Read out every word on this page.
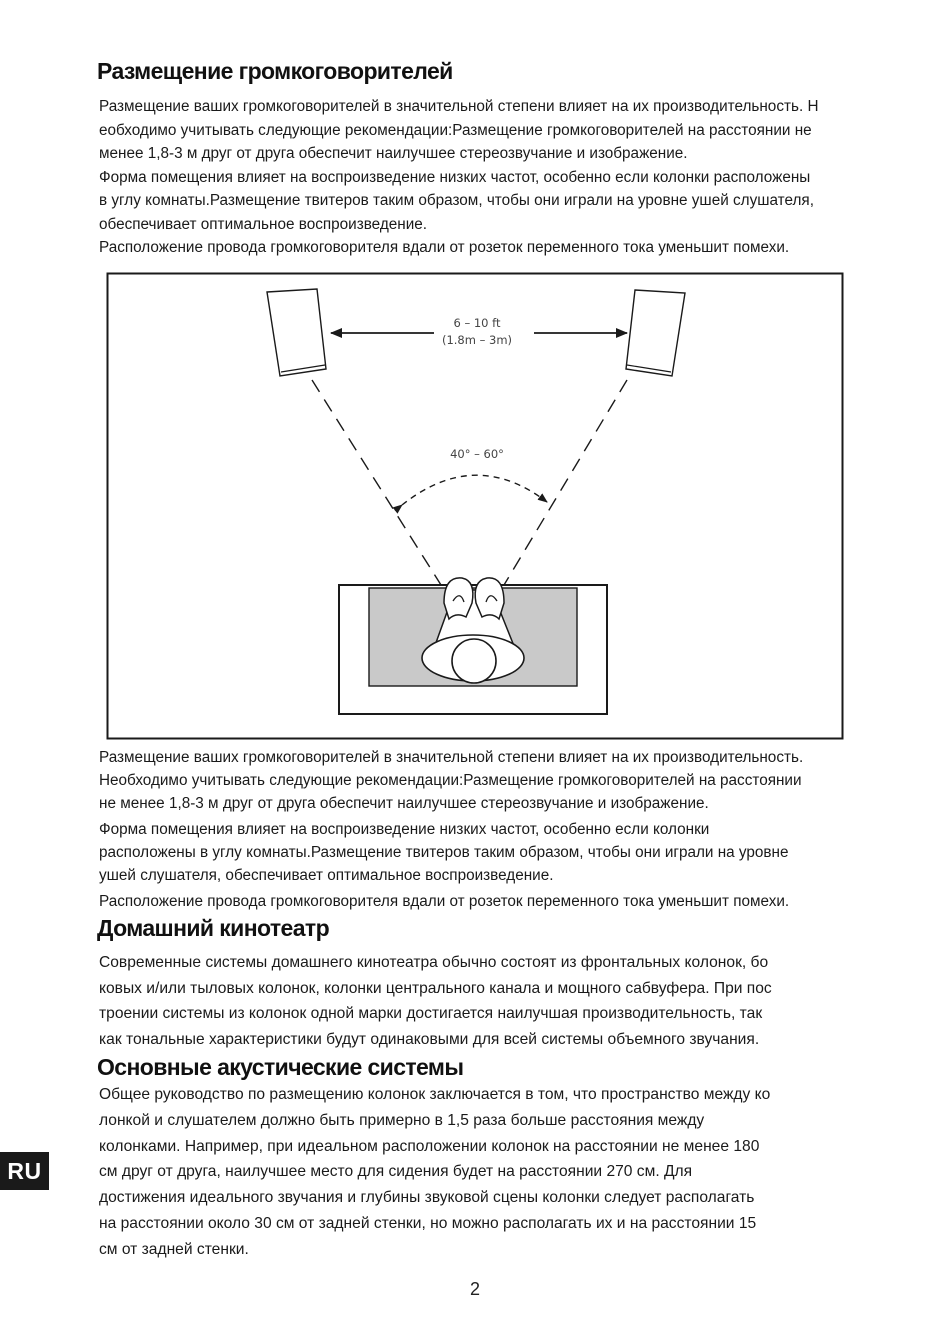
Размещение громкоговорителей

Размещение ваших громкоговорителей в значительной степени влияет на их производительность. Н
еобходимо учитывать следующие рекомендации:Размещение громкоговорителей на расстоянии не
менее 1,8-3 м друг от друга обеспечит наилучшее стереозвучание и изображение.
Форма помещения влияет на воспроизведение низких частот, особенно если колонки расположены
в углу комнаты.Размещение твитеров таким образом, чтобы они играли на уровне ушей слушателя,
обеспечивает оптимальное воспроизведение.
Расположение провода громкоговорителя вдали от розеток переменного тока уменьшит помехи.

6 – 10 ft
(1.8m – 3m)
40° – 60°

Размещение ваших громкоговорителей в значительной степени влияет на их производительность.
Необходимо учитывать следующие рекомендации:Размещение громкоговорителей на расстоянии
не менее 1,8-3 м друг от друга обеспечит наилучшее стереозвучание и изображение.

Форма помещения влияет на воспроизведение низких частот, особенно если колонки
расположены в углу комнаты.Размещение твитеров таким образом, чтобы они играли на уровне
ушей слушателя, обеспечивает оптимальное воспроизведение.

Расположение провода громкоговорителя вдали от розеток переменного тока уменьшит помехи.

Домашний кинотеатр

Современные системы домашнего кинотеатра обычно состоят из фронтальных колонок, бо
ковых и/или тыловых колонок, колонки центрального канала и мощного сабвуфера. При пос
троении системы из колонок одной марки достигается наилучшая производительность, так
как тональные характеристики будут одинаковыми для всей системы объемного звучания.

Основные акустические системы

Общее руководство по размещению колонок заключается в том, что пространство между ко
лонкой и слушателем должно быть примерно в 1,5 раза больше расстояния между
колонками. Например, при идеальном расположении колонок на расстоянии не менее 180
см друг от друга, наилучшее место для сидения будет на расстоянии 270 см. Для
достижения идеального звучания и глубины звуковой сцены колонки следует располагать
на расстоянии около 30 см от задней стенки, но можно располагать их и на расстоянии 15
см от задней стенки.

RU
2
